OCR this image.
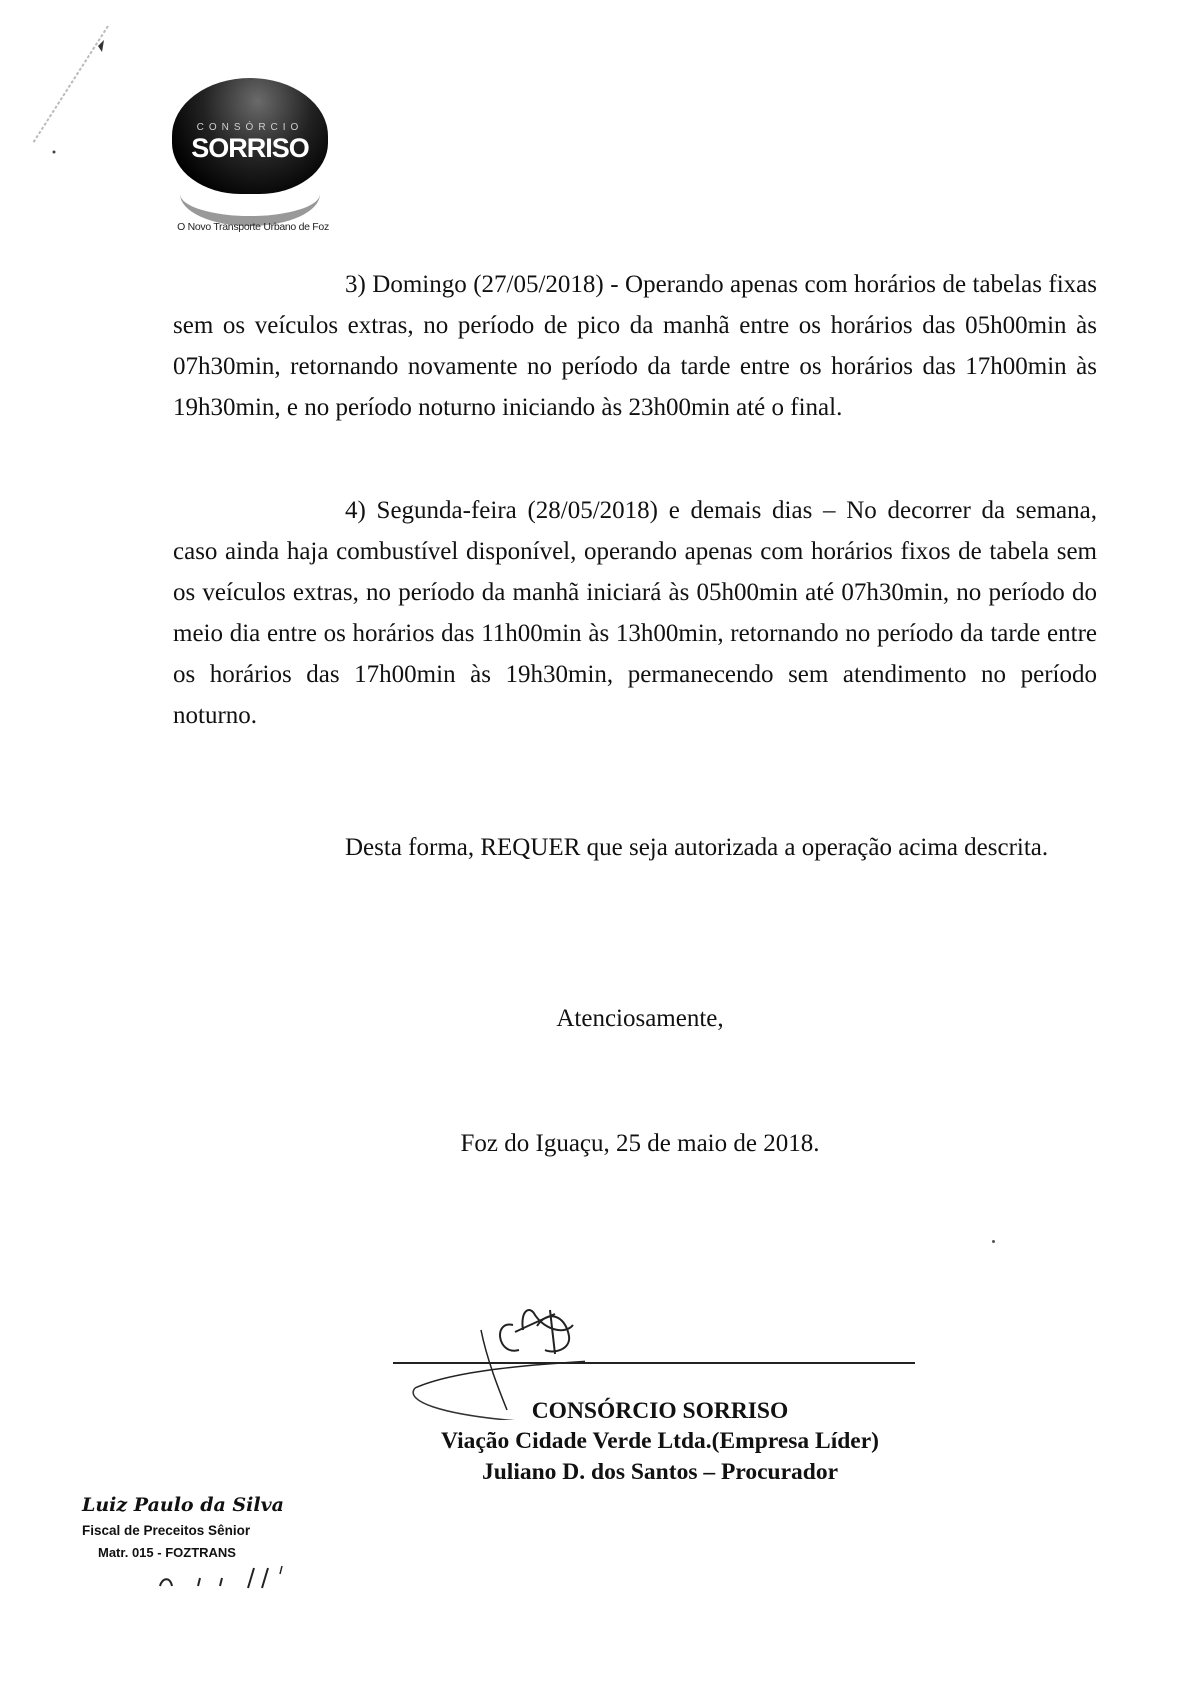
CONSÓRCIO
SORRISO
O Novo Transporte Urbano de Foz
3) Domingo (27/05/2018) - Operando apenas com horários de tabelas fixas sem os veículos extras, no período de pico da manhã entre os horários das 05h00min às 07h30min, retornando novamente no período da tarde entre os horários das 17h00min às 19h30min, e no período noturno iniciando às 23h00min até o final.
4) Segunda-feira (28/05/2018) e demais dias – No decorrer da semana, caso ainda haja combustível disponível, operando apenas com horários fixos de tabela sem os veículos extras, no período da manhã iniciará às 05h00min até 07h30min, no período do meio dia entre os horários das 11h00min às 13h00min, retornando no período da tarde entre os horários das 17h00min às 19h30min, permanecendo sem atendimento no período noturno.
Desta forma, REQUER que seja autorizada a operação acima descrita.
Atenciosamente,
Foz do Iguaçu, 25 de maio de 2018.
CONSÓRCIO SORRISO
Viação Cidade Verde Ltda.(Empresa Líder)
Juliano D. dos Santos – Procurador
Luiz Paulo da Silva
Fiscal de Preceitos Sênior
Matr. 015 - FOZTRANS
